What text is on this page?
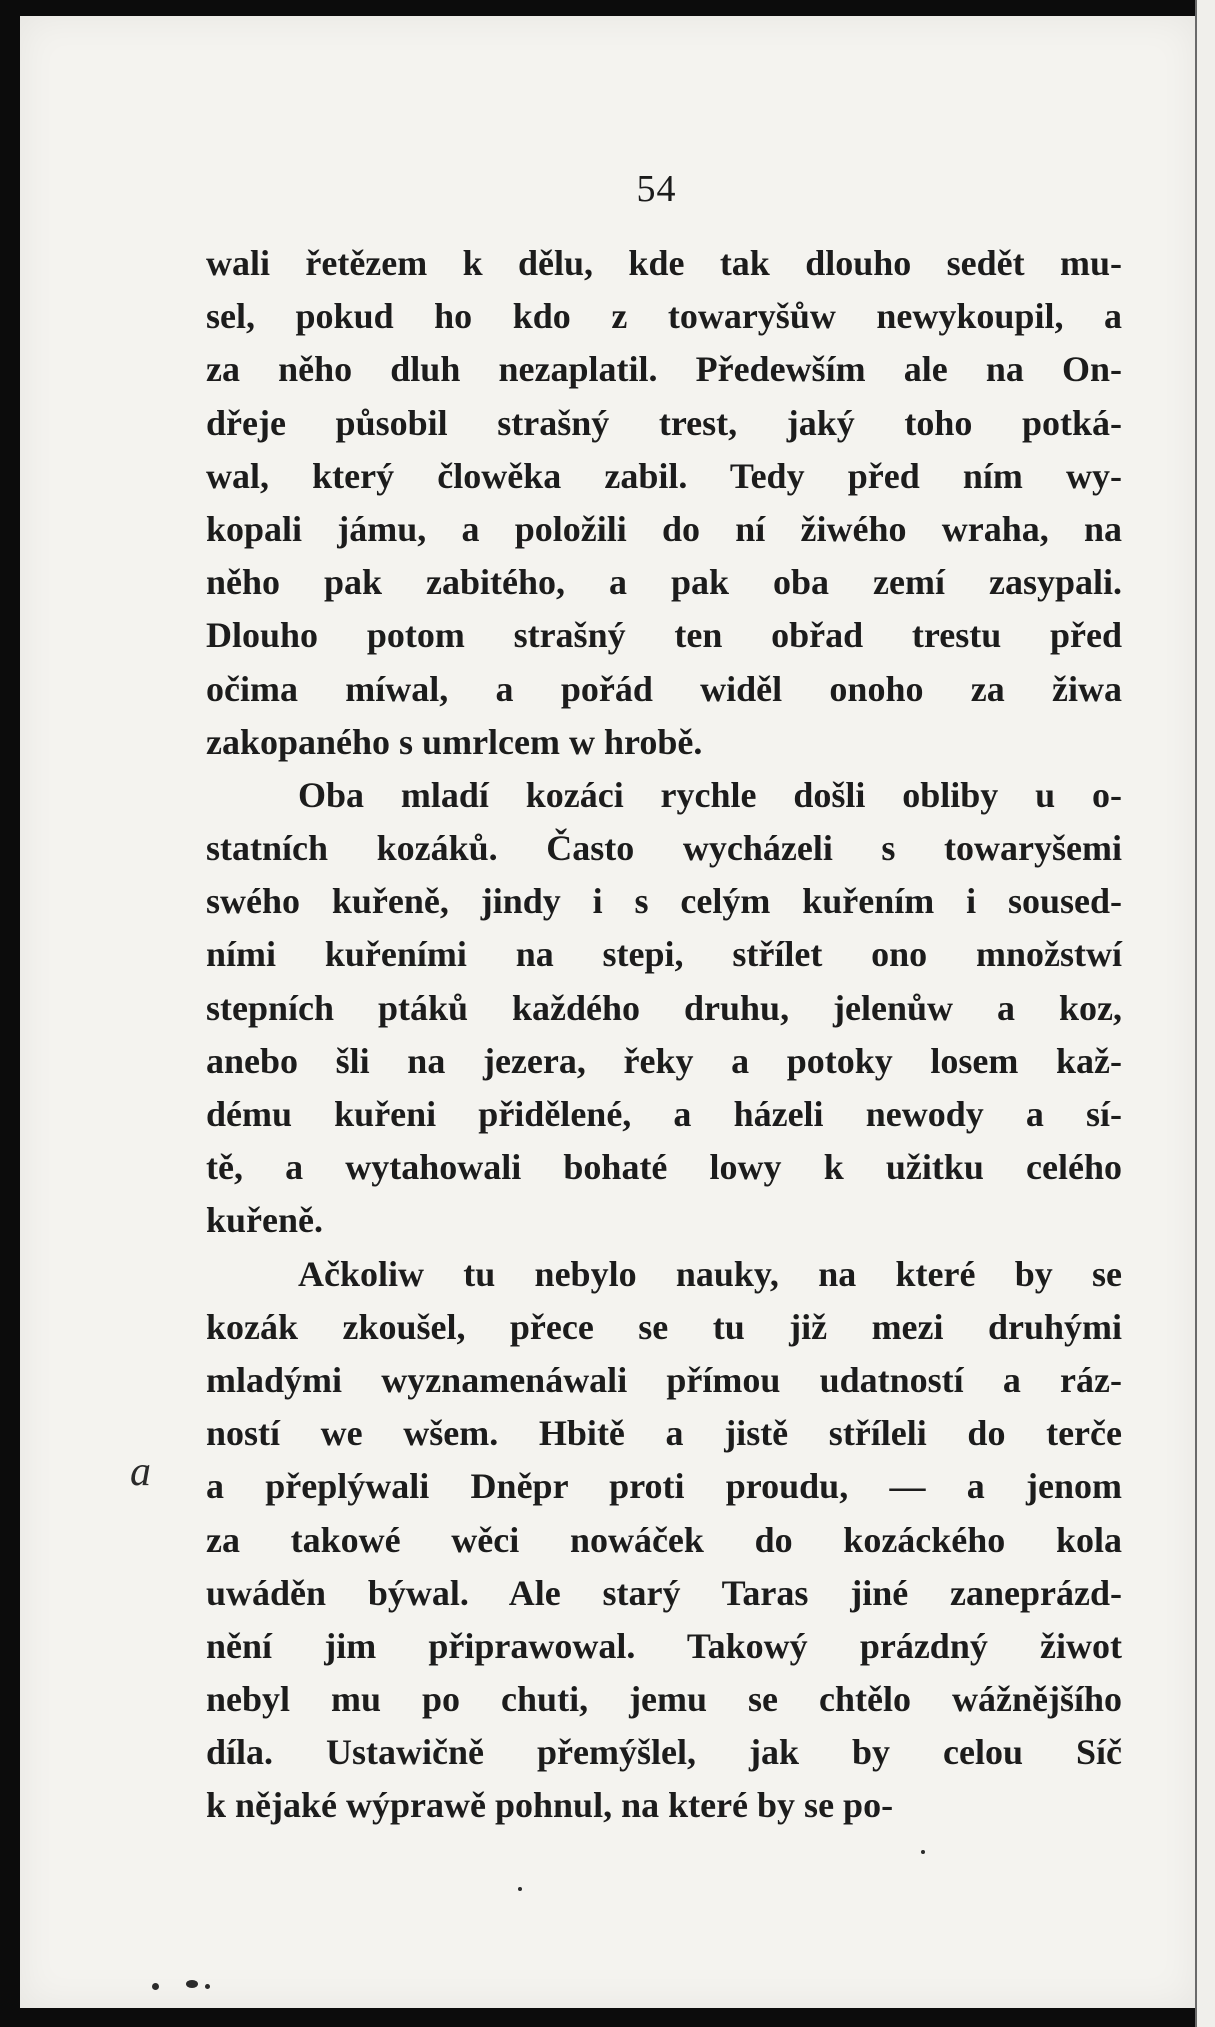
54
a
wali řetězem k dělu, kde tak dlouho sedět mu-
sel, pokud ho kdo z towaryšůw newykoupil, a
za něho dluh nezaplatil. Předewším ale na On-
dřeje působil strašný trest, jaký toho potká-
wal, který člowěka zabil. Tedy před ním wy-
kopali jámu, a položili do ní žiwého wraha, na
něho pak zabitého, a pak oba zemí zasypali.
Dlouho potom strašný ten obřad trestu před
očima míwal, a pořád widěl onoho za žiwa
zakopaného s umrlcem w hrobě.
Oba mladí kozáci rychle došli obliby u o-
statních kozáků. Často wycházeli s towaryšemi
swého kuřeně, jindy i s celým kuřením i soused-
ními kuřeními na stepi, střílet ono množstwí
stepních ptáků každého druhu, jelenůw a koz,
anebo šli na jezera, řeky a potoky losem kaž-
dému kuřeni přidělené, a házeli newody a sí-
tě, a wytahowali bohaté lowy k užitku celého
kuřeně.
Ačkoliw tu nebylo nauky, na které by se
kozák zkoušel, přece se tu již mezi druhými
mladými wyznamenáwali přímou udatností a ráz-
ností we wšem. Hbitě a jistě stříleli do terče
a přeplýwali Dněpr proti proudu, — a jenom
za takowé wěci nowáček do kozáckého kola
uwáděn býwal. Ale starý Taras jiné zaneprázd-
nění jim připrawowal. Takowý prázdný žiwot
nebyl mu po chuti, jemu se chtělo wážnějšího
díla. Ustawičně přemýšlel, jak by celou Síč
k nějaké wýprawě pohnul, na které by se po-
